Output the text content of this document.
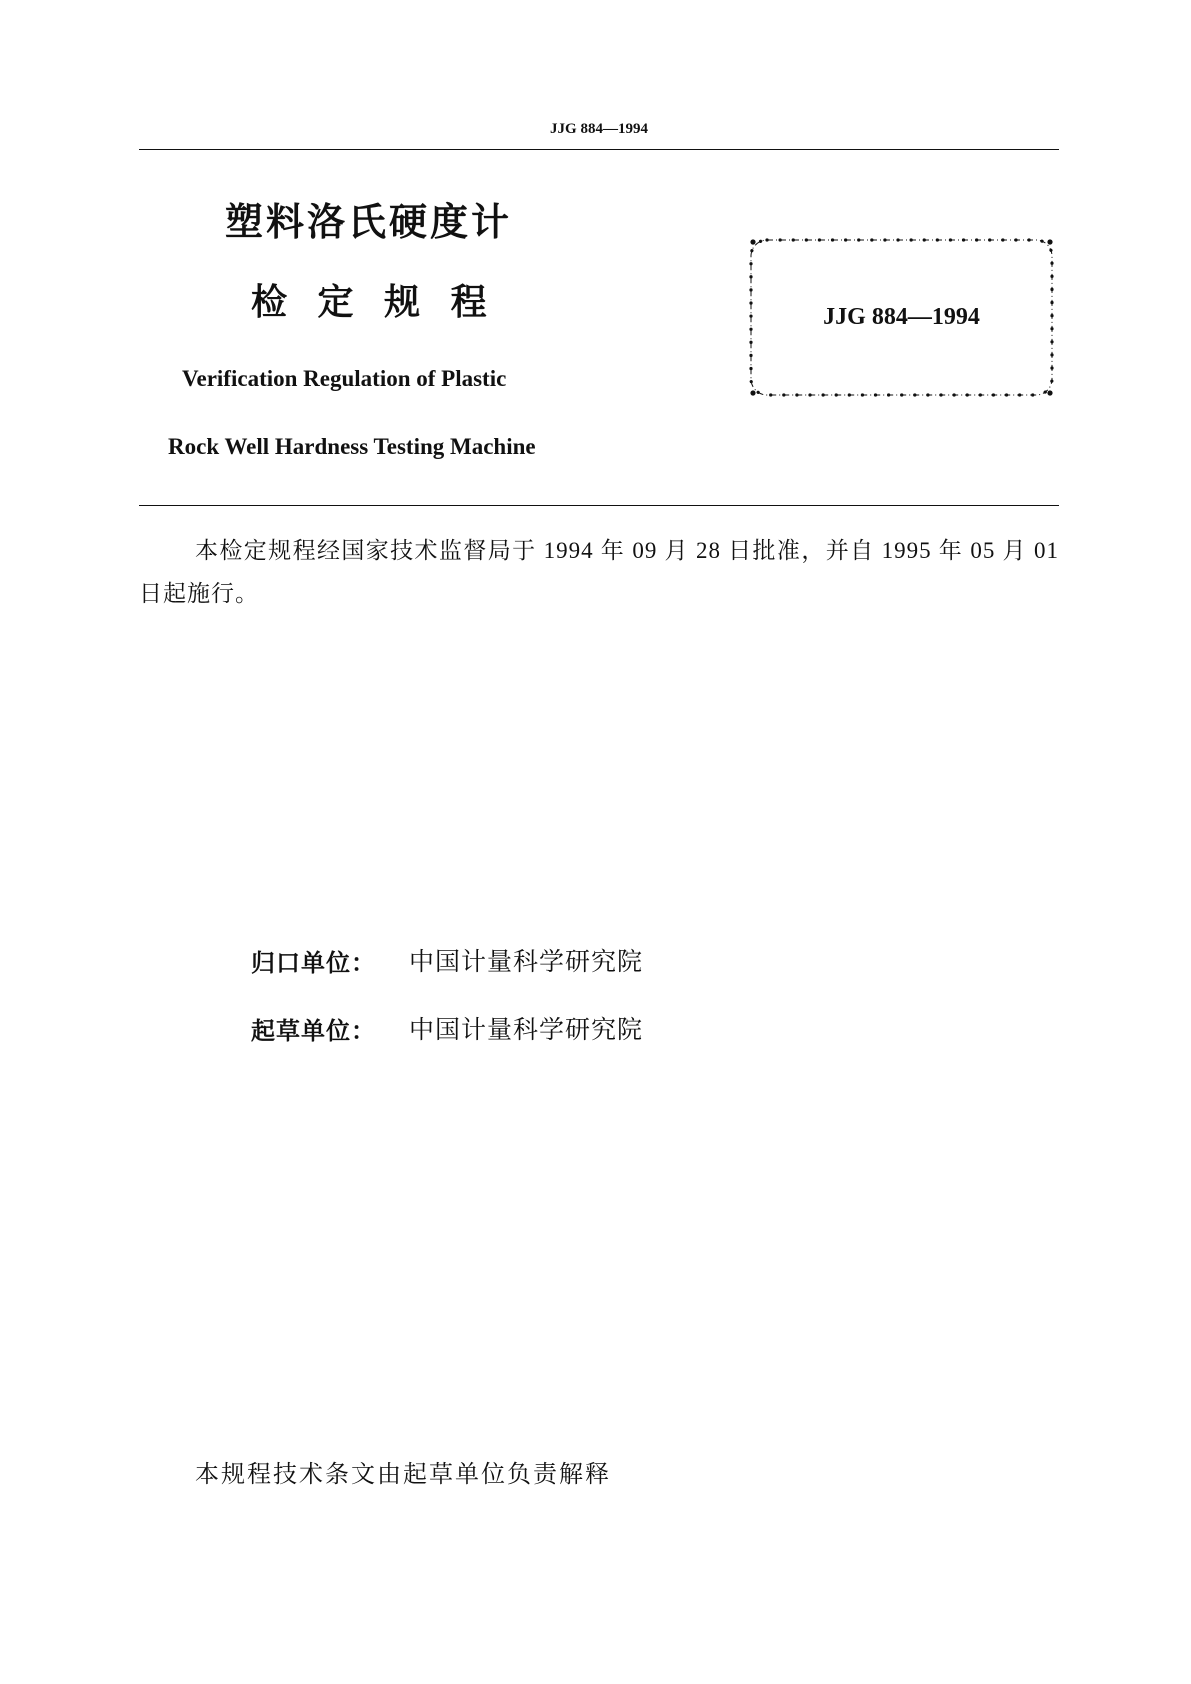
JJG 884—1994
塑料洛氏硬度计
检 定 规 程
Verification Regulation of Plastic
Rock Well Hardness Testing Machine
JJG 884—1994
本检定规程经国家技术监督局于 1994 年 09 月 28 日批准，并自 1995 年 05 月 01 日起施行。
归口单位： 中国计量科学研究院
起草单位： 中国计量科学研究院
本规程技术条文由起草单位负责解释
